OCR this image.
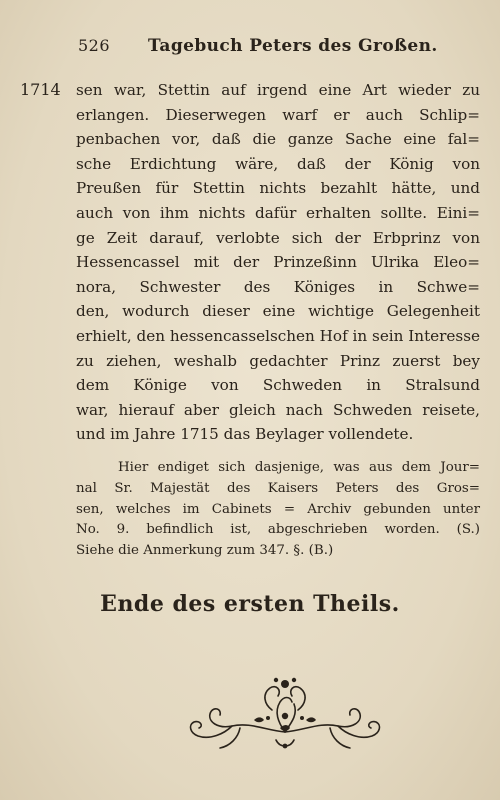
526 Tagebuch Peters des Großen.
1714 sen war, Stettin auf irgend eine Art wieder zu
erlangen. Dieserwegen warf er auch Schlip=
penbachen vor, daß die ganze Sache eine fal=
sche Erdichtung wäre, daß der König von
Preußen für Stettin nichts bezahlt hätte, und
auch von ihm nichts dafür erhalten sollte. Eini=
ge Zeit darauf, verlobte sich der Erbprinz von
Hessencassel mit der Prinzeßinn Ulrika Eleo=
nora, Schwester des Königes in Schwe=
den, wodurch dieser eine wichtige Gelegenheit
erhielt, den hessencasselschen Hof in sein Interesse
zu ziehen, weshalb gedachter Prinz zuerst bey
dem Könige von Schweden in Stralsund
war, hierauf aber gleich nach Schweden reisete,
und im Jahre 1715 das Beylager vollendete.
Hier endiget sich dasjenige, was aus dem Jour=
nal Sr. Majestät des Kaisers Peters des Gros=
sen, welches im Cabinets = Archiv gebunden unter
No. 9. befindlich ist, abgeschrieben worden. (S.)
Siehe die Anmerkung zum 347. §. (B.)
Ende des ersten Theils.
